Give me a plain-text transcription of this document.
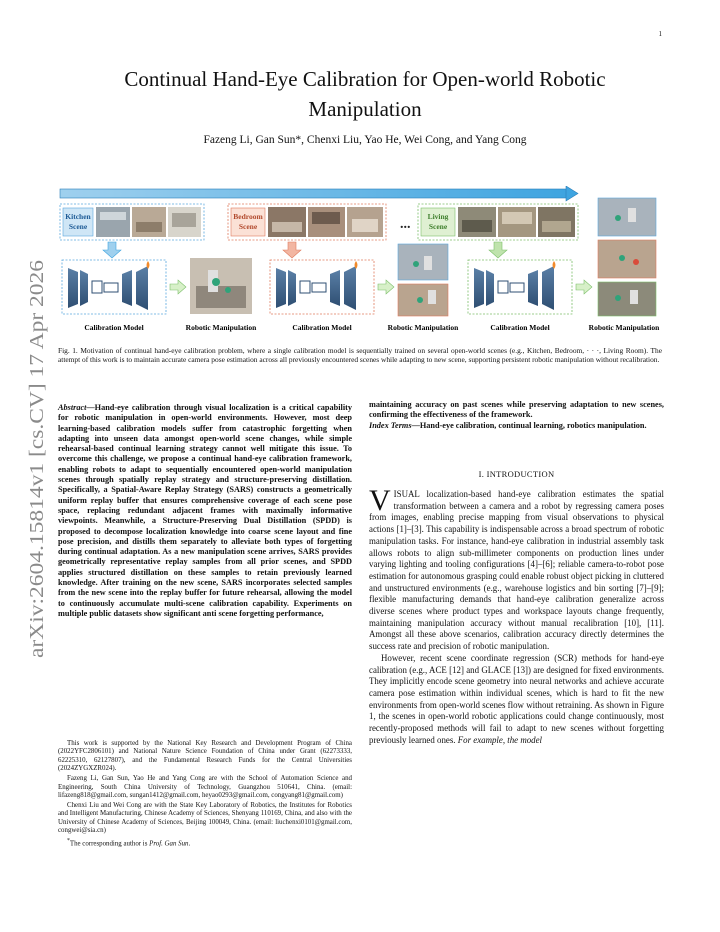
1
arXiv:2604.15814v1 [cs.CV] 17 Apr 2026
Continual Hand-Eye Calibration for Open-world Robotic
Manipulation
Fazeng Li, Gan Sun*, Chenxi Liu, Yao He, Wei Cong, and Yang Cong
Kitchen
Scene
Bedroom
Scene	...
Living
Scene
Calibration Model	Robotic Manipulation	Calibration Model	Robotic Manipulation	Calibration Model	Robotic Manipulation
Fig. 1. Motivation of continual hand-eye calibration problem, where a single calibration model is sequentially trained on several open-world scenes (e.g., Kitchen, Bedroom, · · ·, Living Room). The attempt of this work is to maintain accurate camera pose estimation across all previously encountered scenes while adapting to new scene, supporting persistent robotic manipulation without recalibration.
Abstract—Hand-eye calibration through visual localization is a critical capability for robotic manipulation in open-world environments. However, most deep learning-based calibration models suffer from catastrophic forgetting when adapting into unseen data amongst open-world scene changes, while simple rehearsal-based continual learning strategy cannot well mitigate this issue. To overcome this challenge, we propose a continual hand-eye calibration framework, enabling robots to adapt to sequentially encountered open-world manipulation scenes through spatially replay strategy and structure-preserving distillation. Specifically, a Spatial-Aware Replay Strategy (SARS) constructs a geometrically uniform replay buffer that ensures comprehensive coverage of each scene pose space, replacing redundant adjacent frames with maximally informative viewpoints. Meanwhile, a Structure-Preserving Dual Distillation (SPDD) is proposed to decompose localization knowledge into coarse scene layout and fine pose precision, and distills them separately to alleviate both types of forgetting during continual adaptation. As a new manipulation scene arrives, SARS provides geometrically representative replay samples from all prior scenes, and SPDD applies structured distillation on these samples to retain previously learned knowledge. After training on the new scene, SARS incorporates selected samples from the new scene into the replay buffer for future rehearsal, allowing the model to continuously accumulate multi-scene calibration capability. Experiments on multiple public datasets show significant anti scene forgetting performance,
maintaining accuracy on past scenes while preserving adaptation to new scenes, confirming the effectiveness of the framework.
Index Terms—Hand-eye calibration, continual learning, robotics manipulation.
I. INTRODUCTION

VISUAL localization-based hand-eye calibration estimates the spatial transformation between a camera and a robot by regressing camera poses from images, enabling precise mapping from visual observations to physical actions [1]–[3]. This capability is indispensable across a broad spectrum of robotic manipulation tasks. For instance, hand-eye calibration in industrial assembly task allows robots to align sub-millimeter components on production lines under varying lighting and tooling configurations [4]–[6]; reliable camera-to-robot pose estimation for autonomous grasping could enable robust object picking in cluttered and unstructured environments (e.g., warehouse logistics and bin sorting [7]–[9]; flexible manufacturing demands that hand-eye calibration generalize across diverse scenes where product types and workspace layouts change frequently, maintaining manipulation accuracy without manual recalibration [10], [11]. Amongst all these above scenarios, calibration accuracy directly determines the success rate and precision of robotic manipulation.

However, recent scene coordinate regression (SCR) methods for hand-eye calibration (e.g., ACE [12] and GLACE [13]) are designed for fixed environments. They implicitly encode scene geometry into neural networks and achieve accurate camera pose estimation within individual scenes, which is hard to fit the new environments from open-world scenes flow without retraining. As shown in Figure 1, the scenes in open-world robotic applications could change continuously, most recently-proposed methods will fail to adapt to new scenes without forgetting previously learned ones. For example, the model

This work is supported by the National Key Research and Development Program of China (2022YFC2806101) and National Nature Science Foundation of China under Grant (62273333, 62225310, 62127807), and the Fundamental Research Funds for the Central Universities (2024ZYGXZR024).

Fazeng Li, Gan Sun, Yao He and Yang Cong are with the School of Automation Science and Engineering, South China University of Technology, Guangzhou 510641, China. (email: lifazeng818@gmail.com, sungan1412@gmail.com, heyao0293@gmail.com, congyang81@gmail.com)

Chenxi Liu and Wei Cong are with the State Key Laboratory of Robotics, the Institutes for Robotics and Intelligent Manufacturing, Chinese Academy of Sciences, Shenyang 110169, China, and also with the University of Chinese Academy of Sciences, Beijing 100049, China. (email: liuchenxi0101@gmail.com, congwei@sia.cn)

*The corresponding author is Prof. Gan Sun.
